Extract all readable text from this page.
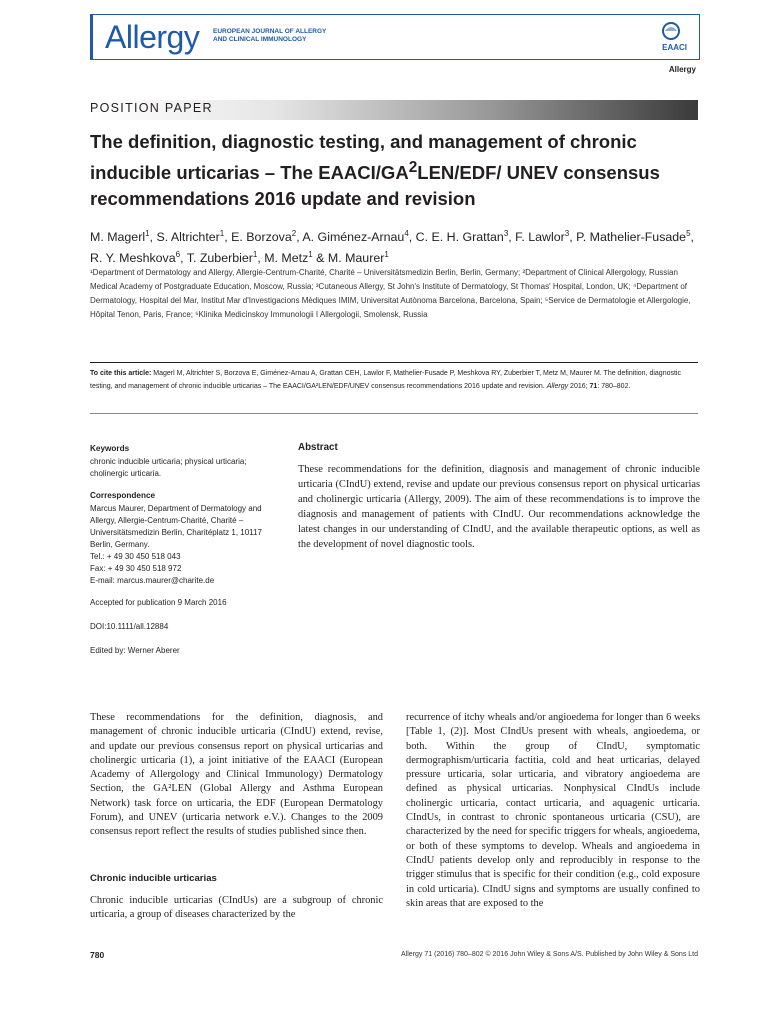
Allergy EUROPEAN JOURNAL OF ALLERGY
AND CLINICAL IMMUNOLOGY
EAACI
Allergy
POSITION PAPER
The definition, diagnostic testing, and management of chronic inducible urticarias – The EAACI/$GA^2LEN/EDF/$ UNEV consensus recommendations 2016 update and revision
M. Magerl$^1$, S. Altrichter$^1$, E. Borzova$^2$, A. Giménez-Arnau$^4$, C. E. H. Grattan$^3$, F. Lawlor$^3$, P. Mathelier-Fusade$^5$, R. Y. Meshkova$^6$, T. Zuberbier$^1$, M. Metz$^1$ & M. Maurer$^1$
¹Department of Dermatology and Allergy, Allergie-Centrum-Charité, Charité – Universitätsmedizin Berlin, Berlin, Germany; ²Department of Clinical Allergology, Russian Medical Academy of Postgraduate Education, Moscow, Russia; ³Cutaneous Allergy, St John's Institute of Dermatology, St Thomas' Hospital, London, UK; ⁴Department of Dermatology, Hospital del Mar, Institut Mar d'Investigacions Mèdiques IMIM, Universitat Autònoma Barcelona, Barcelona, Spain; ⁵Service de Dermatologie et Allergologie, Hôpital Tenon, Paris, France; ⁶Klinika Medicinskoy Immunologii I Allergologii, Smolensk, Russia
To cite this article: Magerl M, Altrichter S, Borzova E, Giménez-Arnau A, Grattan CEH, Lawlor F, Mathelier-Fusade P, Meshkova RY, Zuberbier T, Metz M, Maurer M. The definition, diagnostic testing, and management of chronic inducible urticarias – The EAACI/GA²LEN/EDF/UNEV consensus recommendations 2016 update and revision. Allergy 2016; 71: 780–802.
Keywords
chronic inducible urticaria; physical urticaria; cholinergic urticaria.
Correspondence
Marcus Maurer, Department of Dermatology and Allergy, Allergie-Centrum-Charité, Charité – Universitätsmedizin Berlin, Charitéplatz 1, 10117 Berlin, Germany.
Tel.: + 49 30 450 518 043
Fax: + 49 30 450 518 972
E-mail: marcus.maurer@charite.de
Accepted for publication 9 March 2016
DOI:10.1111/all.12884
Edited by: Werner Aberer
Abstract
These recommendations for the definition, diagnosis and management of chronic inducible urticaria (CIndU) extend, revise and update our previous consensus report on physical urticarias and cholinergic urticaria (Allergy, 2009). The aim of these recommendations is to improve the diagnosis and management of patients with CIndU. Our recommendations acknowledge the latest changes in our understanding of CIndU, and the available therapeutic options, as well as the development of novel diagnostic tools.
These recommendations for the definition, diagnosis, and management of chronic inducible urticaria (CIndU) extend, revise, and update our previous consensus report on physical urticarias and cholinergic urticaria (1), a joint initiative of the EAACI (European Academy of Allergology and Clinical Immunology) Dermatology Section, the GA²LEN (Global Allergy and Asthma European Network) task force on urticaria, the EDF (European Dermatology Forum), and UNEV (urticaria network e.V.). Changes to the 2009 consensus report reflect the results of studies published since then.
Chronic inducible urticarias
Chronic inducible urticarias (CIndUs) are a subgroup of chronic urticaria, a group of diseases characterized by the
recurrence of itchy wheals and/or angioedema for longer than 6 weeks [Table 1, (2)]. Most CIndUs present with wheals, angioedema, or both. Within the group of CIndU, symptomatic dermographism/urticaria factitia, cold and heat urticarias, delayed pressure urticaria, solar urticaria, and vibratory angioedema are defined as physical urticarias. Nonphysical CIndUs include cholinergic urticaria, contact urticaria, and aquagenic urticaria. CIndUs, in contrast to chronic spontaneous urticaria (CSU), are characterized by the need for specific triggers for wheals, angioedema, or both of these symptoms to develop. Wheals and angioedema in CIndU patients develop only and reproducibly in response to the trigger stimulus that is specific for their condition (e.g., cold exposure in cold urticaria). CIndU signs and symptoms are usually confined to skin areas that are exposed to the
780	Allergy 71 (2016) 780–802 © 2016 John Wiley & Sons A/S. Published by John Wiley & Sons Ltd
